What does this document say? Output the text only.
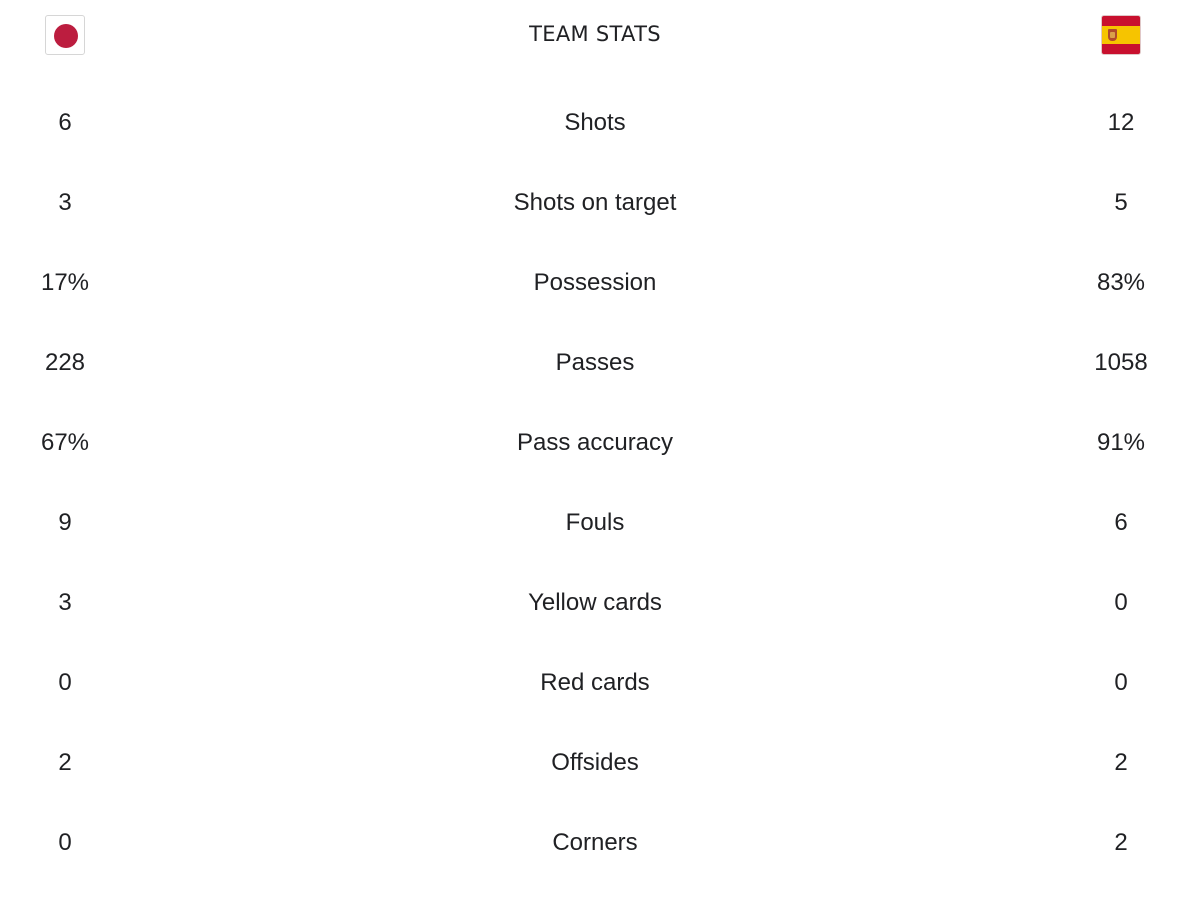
TEAM STATS
6	Shots	12
3	Shots on target	5
17%	Possession	83%
228	Passes	1058
67%	Pass accuracy	91%
9	Fouls	6
3	Yellow cards	0
0	Red cards	0
2	Offsides	2
0	Corners	2
